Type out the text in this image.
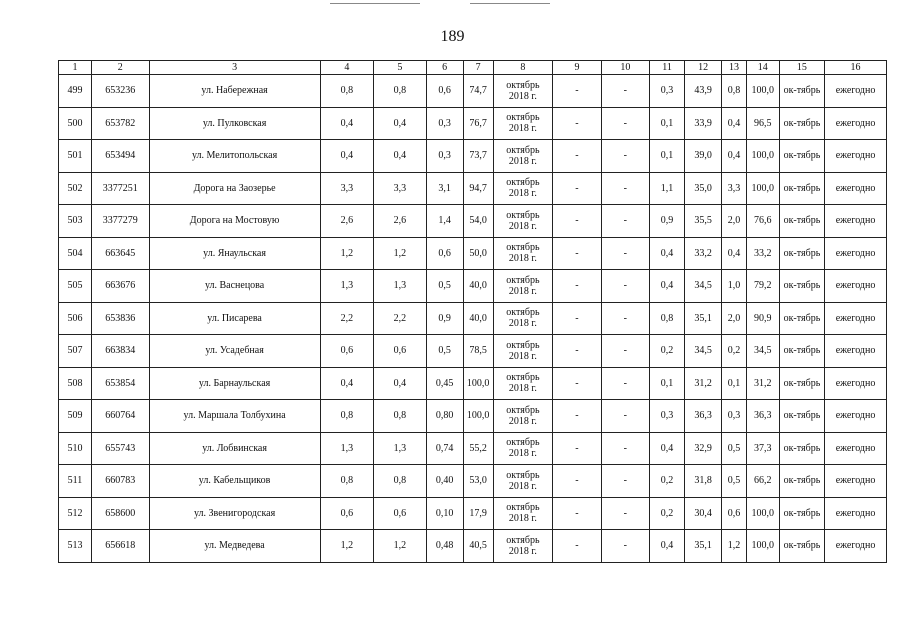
189
1	2	3	4	5	6	7	8	9	10	11	12	13	14	15	16
499	653236	ул. Набережная	0,8	0,8	0,6	74,7	октябрь 2018 г.	-	-	0,3	43,9	0,8	100,0	ок-тябрь	ежегодно
500	653782	ул. Пулковская	0,4	0,4	0,3	76,7	октябрь 2018 г.	-	-	0,1	33,9	0,4	96,5	ок-тябрь	ежегодно
501	653494	ул. Мелитопольская	0,4	0,4	0,3	73,7	октябрь 2018 г.	-	-	0,1	39,0	0,4	100,0	ок-тябрь	ежегодно
502	3377251	Дорога на Заозерье	3,3	3,3	3,1	94,7	октябрь 2018 г.	-	-	1,1	35,0	3,3	100,0	ок-тябрь	ежегодно
503	3377279	Дорога на Мостовую	2,6	2,6	1,4	54,0	октябрь 2018 г.	-	-	0,9	35,5	2,0	76,6	ок-тябрь	ежегодно
504	663645	ул. Янаульская	1,2	1,2	0,6	50,0	октябрь 2018 г.	-	-	0,4	33,2	0,4	33,2	ок-тябрь	ежегодно
505	663676	ул. Васнецова	1,3	1,3	0,5	40,0	октябрь 2018 г.	-	-	0,4	34,5	1,0	79,2	ок-тябрь	ежегодно
506	653836	ул. Писарева	2,2	2,2	0,9	40,0	октябрь 2018 г.	-	-	0,8	35,1	2,0	90,9	ок-тябрь	ежегодно
507	663834	ул. Усадебная	0,6	0,6	0,5	78,5	октябрь 2018 г.	-	-	0,2	34,5	0,2	34,5	ок-тябрь	ежегодно
508	653854	ул. Барнаульская	0,4	0,4	0,45	100,0	октябрь 2018 г.	-	-	0,1	31,2	0,1	31,2	ок-тябрь	ежегодно
509	660764	ул. Маршала Толбухина	0,8	0,8	0,80	100,0	октябрь 2018 г.	-	-	0,3	36,3	0,3	36,3	ок-тябрь	ежегодно
510	655743	ул. Лобвинская	1,3	1,3	0,74	55,2	октябрь 2018 г.	-	-	0,4	32,9	0,5	37,3	ок-тябрь	ежегодно
511	660783	ул. Кабельщиков	0,8	0,8	0,40	53,0	октябрь 2018 г.	-	-	0,2	31,8	0,5	66,2	ок-тябрь	ежегодно
512	658600	ул. Звенигородская	0,6	0,6	0,10	17,9	октябрь 2018 г.	-	-	0,2	30,4	0,6	100,0	ок-тябрь	ежегодно
513	656618	ул. Медведева	1,2	1,2	0,48	40,5	октябрь 2018 г.	-	-	0,4	35,1	1,2	100,0	ок-тябрь	ежегодно
